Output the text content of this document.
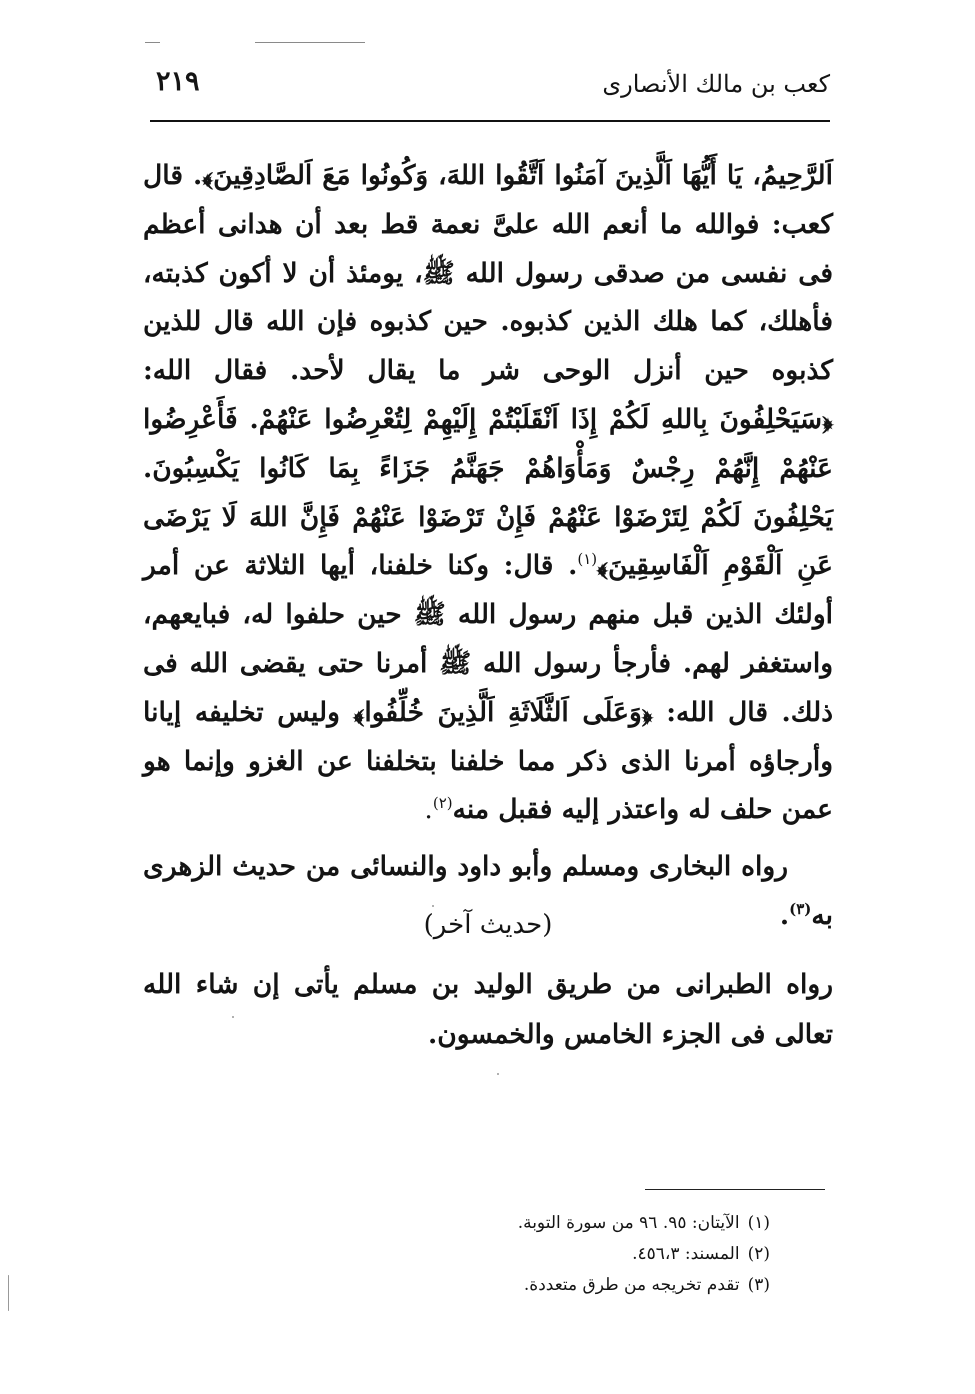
كعب بن مالك الأنصارى
٢١٩

اَلرَّحِيمُ، يَا أَيُّهَا اَلَّذِينَ آمَنُوا اَتَّقُوا اللهَ، وَكُونُوا مَعَ اَلصَّادِقِينَ﴾. قال كعب: فوالله ما أنعم الله علىَّ نعمة قط بعد أن هدانى أعظم فى نفسى من صدقى رسول الله ﷺ، يومئذ أن لا أكون كذبته، فأهلك، كما هلك الذين كذبوه. حين كذبوه فإن الله قال للذين كذبوه حين أنزل الوحى شر ما يقال لأحد. فقال الله: ﴿سَيَحْلِفُونَ بِاللهِ لَكُمْ إِذَا اَنْقَلَبْتُمْ إِلَيْهِمْ لِتُعْرِضُوا عَنْهُمْ. فَأَعْرِضُوا عَنْهُمْ إِنَّهُمْ رِجْسٌ وَمَأْوَاهُمْ جَهَنَّمُ جَزَاءً بِمَا كَانُوا يَكْسِبُونَ. يَحْلِفُونَ لَكُمْ لِتَرْضَوْا عَنْهُمْ فَإِنْ تَرْضَوْا عَنْهُمْ فَإِنَّ اللهَ لَا يَرْضَى عَنِ اَلْقَوْمِ اَلْفَاسِقِينَ﴾$^{(١)}$. قال: وكنا خلفنا، أيها الثلاثة عن أمر أولئك الذين قبل منهم رسول الله ﷺ حين حلفوا له، فبايعهم، واستغفر لهم. فأرجأ رسول الله ﷺ أمرنا حتى يقضى الله فى ذلك. قال الله: ﴿وَعَلَى اَلثَّلَاثَةِ اَلَّذِينَ خُلِّفُوا﴾ وليس تخليفه إيانا وأرجاؤه أمرنا الذى ذكر مما خلفنا بتخلفنا عن الغزو وإنما هو عمن حلف له واعتذر إليه فقبل منه$^{(٢)}$.

رواه البخارى ومسلم وأبو داود والنسائى من حديث الزهرى به$^{(٣)}$.

(حديث آخر)
رواه الطبرانى من طريق الوليد بن مسلم يأتى إن شاء الله تعالى فى الجزء الخامس والخمسون.
(١)
الآيتان: ٩٥. ٩٦ من سورة التوبة.
(٢)
المسند: ٤٥٦،٣.
(٣)
تقدم تخريجه من طرق متعددة.
